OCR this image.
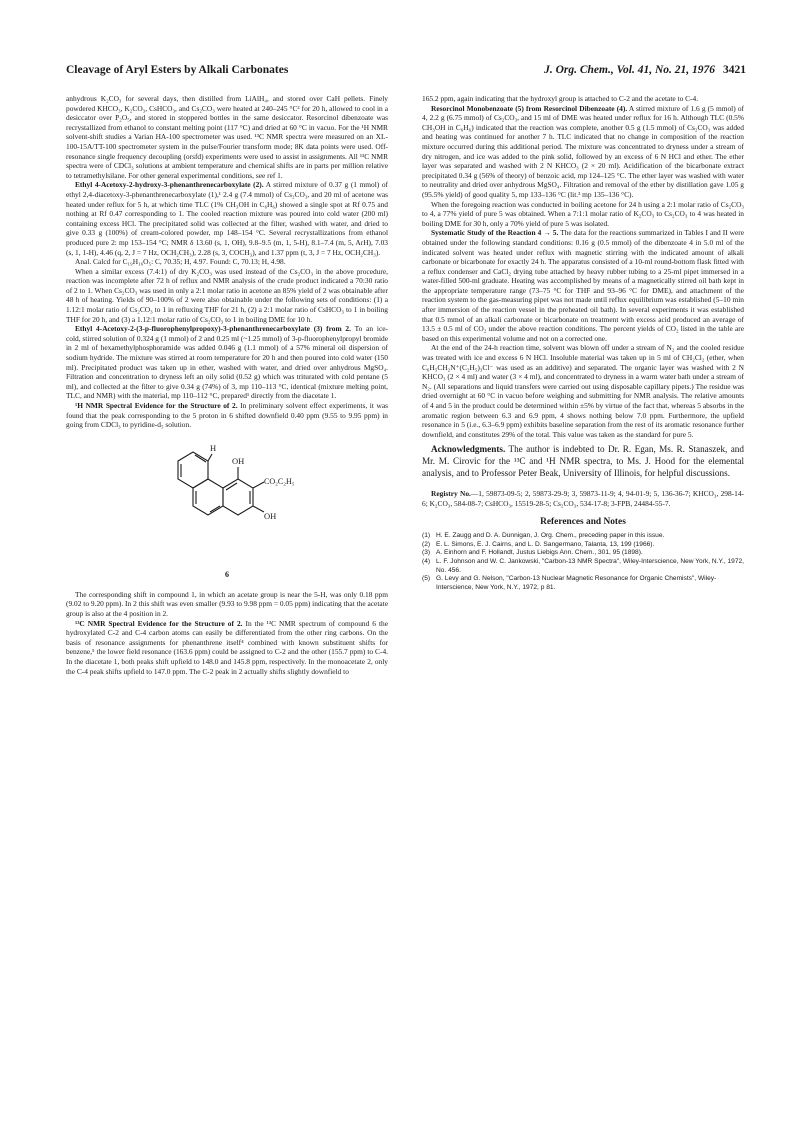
Cleavage of Aryl Esters by Alkali Carbonates	J. Org. Chem., Vol. 41, No. 21, 1976 3421

anhydrous K₂CO₃ for several days, then distilled from LiAlH₄, and stored over CaH pellets. Finely powdered KHCO₃, K₂CO₃, CsHCO₃, and Cs₂CO₃ were heated at 240–245 °C² for 20 h, allowed to cool in a desiccator over P₂O₅, and stored in stoppered bottles in the same desiccator. Resorcinol dibenzoate was recrystallized from ethanol to constant melting point (117 °C) and dried at 60 °C in vacuo. For the ¹H NMR solvent-shift studies a Varian HA-100 spectrometer was used. ¹³C NMR spectra were measured on an XL-100-15A/TT-100 spectrometer system in the pulse/Fourier transform mode; 8K data points were used. Off-resonance single frequency decoupling (orsfd) experiments were used to assist in assignments. All ¹³C NMR spectra were of CDCl₃ solutions at ambient temperature and chemical shifts are in parts per million relative to tetramethylsilane. For other general experimental conditions, see ref 1.

Ethyl 4-Acetoxy-2-hydroxy-3-phenanthrenecarboxylate (2). A stirred mixture of 0.37 g (1 mmol) of ethyl 2,4-diacetoxy-3-phenanthrenecarboxylate (1),¹ 2.4 g (7.4 mmol) of Cs₂CO₃, and 20 ml of acetone was heated under reflux for 5 h, at which time TLC (1% CH₃OH in C₆H₆) showed a single spot at Rf 0.75 and nothing at Rf 0.47 corresponding to 1. The cooled reaction mixture was poured into cold water (200 ml) containing excess HCl. The precipitated solid was collected at the filter, washed with water, and dried to give 0.33 g (100%) of cream-colored powder, mp 148–154 °C. Several recrystallizations from ethanol produced pure 2: mp 153–154 °C; NMR δ 13.60 (s, 1, OH), 9.8–9.5 (m, 1, 5-H), 8.1–7.4 (m, 5, ArH), 7.03 (s, 1, 1-H), 4.46 (q, 2, J = 7 Hz, OCH₂CH₃), 2.28 (s, 3, COCH₃), and 1.37 ppm (t, 3, J = 7 Hz, OCH₂CH₃).

Anal. Calcd for C₁₉H₁₆O₅: C, 70.35; H, 4.97. Found: C, 70.13; H, 4.98.

When a similar excess (7.4:1) of dry K₂CO₃ was used instead of the Cs₂CO₃ in the above procedure, reaction was incomplete after 72 h of reflux and NMR analysis of the crude product indicated a 70:30 ratio of 2 to 1. When Cs₂CO₃ was used in only a 2:1 molar ratio in acetone an 85% yield of 2 was obtainable after 48 h of heating. Yields of 90–100% of 2 were also obtainable under the following sets of conditions: (1) a 1.12:1 molar ratio of Cs₂CO₃ to 1 in refluxing THF for 21 h, (2) a 2:1 molar ratio of CsHCO₃ to 1 in boiling THF for 20 h, and (3) a 1.12:1 molar ratio of Cs₂CO₃ to 1 in boiling DME for 10 h.

Ethyl 4-Acetoxy-2-(3-p-fluorophenylpropoxy)-3-phenanthrenecarboxylate (3) from 2. To an ice-cold, stirred solution of 0.324 g (1 mmol) of 2 and 0.25 ml (~1.25 mmol) of 3-p-fluorophenylpropyl bromide in 2 ml of hexamethylphosphoramide was added 0.046 g (1.1 mmol) of a 57% mineral oil dispersion of sodium hydride. The mixture was stirred at room temperature for 20 h and then poured into cold water (150 ml). Precipitated product was taken up in ether, washed with water, and dried over anhydrous MgSO₄. Filtration and concentration to dryness left an oily solid (0.52 g) which was triturated with cold pentane (5 ml), and collected at the filter to give 0.34 g (74%) of 3, mp 110–113 °C, identical (mixture melting point, TLC, and NMR) with the material, mp 110–112 °C, prepared¹ directly from the diacetate 1.

¹H NMR Spectral Evidence for the Structure of 2. In preliminary solvent effect experiments, it was found that the peak corresponding to the 5 proton in 6 shifted downfield 0.40 ppm (9.55 to 9.95 ppm) in going from CDCl₃ to pyridine-d₅ solution.

H
OH
CO₂C₂H₅
OH
6

The corresponding shift in compound 1, in which an acetate group is near the 5-H, was only 0.18 ppm (9.02 to 9.20 ppm). In 2 this shift was even smaller (9.93 to 9.98 ppm = 0.05 ppm) indicating that the acetate group is also at the 4 position in 2.

¹³C NMR Spectral Evidence for the Structure of 2. In the ¹³C NMR spectrum of compound 6 the hydroxylated C-2 and C-4 carbon atoms can easily be differentiated from the other ring carbons. On the basis of resonance assignments for phenanthrene itself⁴ combined with known substituent shifts for benzene,⁵ the lower field resonance (163.6 ppm) could be assigned to C-2 and the other (155.7 ppm) to C-4. In the diacetate 1, both peaks shift upfield to 148.0 and 145.8 ppm, respectively. In the monoacetate 2, only the C-4 peak shifts upfield to 147.0 ppm. The C-2 peak in 2 actually shifts slightly downfield to

165.2 ppm, again indicating that the hydroxyl group is attached to C-2 and the acetate to C-4.

Resorcinol Monobenzoate (5) from Resorcinol Dibenzoate (4). A stirred mixture of 1.6 g (5 mmol) of 4, 2.2 g (6.75 mmol) of Cs₂CO₃, and 15 ml of DME was heated under reflux for 16 h. Although TLC (0.5% CH₃OH in C₆H₆) indicated that the reaction was complete, another 0.5 g (1.5 mmol) of Cs₂CO₃ was added and heating was continued for another 7 h. TLC indicated that no change in composition of the reaction mixture occurred during this additional period. The mixture was concentrated to dryness under a stream of dry nitrogen, and ice was added to the pink solid, followed by an excess of 6 N HCl and ether. The ether layer was separated and washed with 2 N KHCO₃ (2 × 20 ml). Acidification of the bicarbonate extract precipitated 0.34 g (56% of theory) of benzoic acid, mp 124–125 °C. The ether layer was washed with water to neutrality and dried over anhydrous MgSO₄. Filtration and removal of the ether by distillation gave 1.05 g (95.5% yield) of good quality 5, mp 133–136 °C (lit.³ mp 135–136 °C).

When the foregoing reaction was conducted in boiling acetone for 24 h using a 2:1 molar ratio of Cs₂CO₃ to 4, a 77% yield of pure 5 was obtained. When a 7:1:1 molar ratio of K₂CO₃ to Cs₂CO₃ to 4 was heated in boiling DME for 30 h, only a 70% yield of pure 5 was isolated.

Systematic Study of the Reaction 4 → 5. The data for the reactions summarized in Tables I and II were obtained under the following standard conditions: 0.16 g (0.5 mmol) of the dibenzoate 4 in 5.0 ml of the indicated solvent was heated under reflux with magnetic stirring with the indicated amount of alkali carbonate or bicarbonate for exactly 24 h. The apparatus consisted of a 10-ml round-bottom flask fitted with a reflux condenser and CaCl₂ drying tube attached by heavy rubber tubing to a 25-ml pipet immersed in a water-filled 500-ml graduate. Heating was accomplished by means of a magnetically stirred oil bath kept in the appropriate temperature range (73–75 °C for THF and 93–96 °C for DME), and attachment of the reaction system to the gas-measuring pipet was not made until reflux equilibrium was established (5–10 min after immersion of the reaction vessel in the preheated oil bath). In several experiments it was established that 0.5 mmol of an alkali carbonate or bicarbonate on treatment with excess acid produced an average of 13.5 ± 0.5 ml of CO₂ under the above reaction conditions. The percent yields of CO₂ listed in the table are based on this experimental volume and not on a corrected one.

At the end of the 24-h reaction time, solvent was blown off under a stream of N₂ and the cooled residue was treated with ice and excess 6 N HCl. Insoluble material was taken up in 5 ml of CH₂Cl₂ (ether, when C₆H₅CH₂N⁺(C₂H₅)₃Cl⁻ was used as an additive) and separated. The organic layer was washed with 2 N KHCO₃ (2 × 4 ml) and water (3 × 4 ml), and concentrated to dryness in a warm water bath under a stream of N₂. (All separations and liquid transfers were carried out using disposable capillary pipets.) The residue was dried overnight at 60 °C in vacuo before weighing and submitting for NMR analysis. The relative amounts of 4 and 5 in the product could be determined within ±5% by virtue of the fact that, whereas 5 absorbs in the aromatic region between 6.3 and 6.9 ppm, 4 shows nothing below 7.0 ppm. Furthermore, the upfield resonance in 5 (i.e., 6.3–6.9 ppm) exhibits baseline separation from the rest of its aromatic resonance further downfield, and constitutes 29% of the total. This value was taken as the standard for pure 5.

Acknowledgments. The author is indebted to Dr. R. Egan, Ms. R. Stanaszek, and Mr. M. Cirovic for the ¹³C and ¹H NMR spectra, to Ms. J. Hood for the elemental analysis, and to Professor Peter Beak, University of Illinois, for helpful discussions.

Registry No.—1, 59873-09-5; 2, 59873-29-9; 3, 59873-11-9; 4, 94-01-9; 5, 136-36-7; KHCO₃, 298-14-6; K₂CO₃, 584-08-7; CsHCO₃, 15519-28-5; Cs₂CO₃, 534-17-8; 3-FPB, 24484-55-7.

References and Notes
(1) H. E. Zaugg and D. A. Dunnigan, J. Org. Chem., preceding paper in this issue.
(2) E. L. Simons, E. J. Cairns, and L. D. Sangermano, Talanta, 13, 199 (1966).
(3) A. Einhorn and F. Hollandt, Justus Liebigs Ann. Chem., 301, 95 (1898).
(4) L. F. Johnson and W. C. Jankowski, "Carbon-13 NMR Spectra", Wiley-Interscience, New York, N.Y., 1972, No. 456.
(5) G. Levy and G. Nelson, "Carbon-13 Nuclear Magnetic Resonance for Organic Chemists", Wiley-Interscience, New York, N.Y., 1972, p 81.
